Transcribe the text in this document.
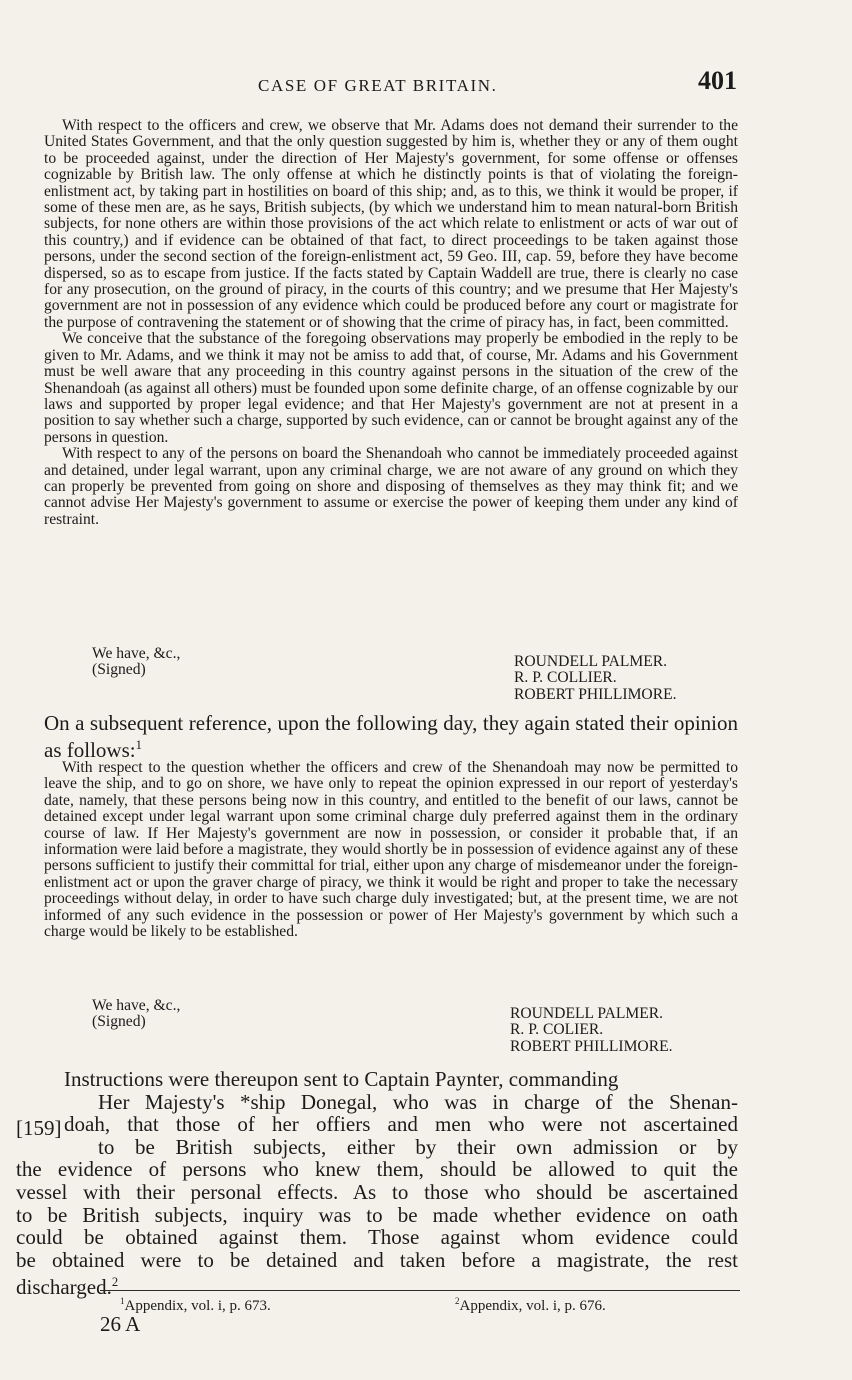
CASE OF GREAT BRITAIN.	401

With respect to the officers and crew, we observe that Mr. Adams does not demand their surrender to the United States Government, and that the only question suggested by him is, whether they or any of them ought to be proceeded against, under the direction of Her Majesty's government, for some offense or offenses cognizable by British law. The only offense at which he distinctly points is that of violating the foreign-enlistment act, by taking part in hostilities on board of this ship; and, as to this, we think it would be proper, if some of these men are, as he says, British subjects, (by which we understand him to mean natural-born British subjects, for none others are within those provisions of the act which relate to enlistment or acts of war out of this country,) and if evidence can be obtained of that fact, to direct proceedings to be taken against those persons, under the second section of the foreign-enlistment act, 59 Geo. III, cap. 59, before they have become dispersed, so as to escape from justice. If the facts stated by Captain Waddell are true, there is clearly no case for any prosecution, on the ground of piracy, in the courts of this country; and we presume that Her Majesty's government are not in possession of any evidence which could be produced before any court or magistrate for the purpose of contravening the statement or of showing that the crime of piracy has, in fact, been committed.

We conceive that the substance of the foregoing observations may properly be embodied in the reply to be given to Mr. Adams, and we think it may not be amiss to add that, of course, Mr. Adams and his Government must be well aware that any proceeding in this country against persons in the situation of the crew of the Shenandoah (as against all others) must be founded upon some definite charge, of an offense cognizable by our laws and supported by proper legal evidence; and that Her Majesty's government are not at present in a position to say whether such a charge, supported by such evidence, can or cannot be brought against any of the persons in question.

With respect to any of the persons on board the Shenandoah who cannot be immediately proceeded against and detained, under legal warrant, upon any criminal charge, we are not aware of any ground on which they can properly be prevented from going on shore and disposing of themselves as they may think fit; and we cannot advise Her Majesty's government to assume or exercise the power of keeping them under any kind of restraint.

We have, &c.,
(Signed)	ROUNDELL PALMER.
R. P. COLLIER.
ROBERT PHILLIMORE.
On a subsequent reference, upon the following day, they again stated their opinion as follows:$^1$

With respect to the question whether the officers and crew of the Shenandoah may now be permitted to leave the ship, and to go on shore, we have only to repeat the opinion expressed in our report of yesterday's date, namely, that these persons being now in this country, and entitled to the benefit of our laws, cannot be detained except under legal warrant upon some criminal charge duly preferred against them in the ordinary course of law. If Her Majesty's government are now in possession, or consider it probable that, if an information were laid before a magistrate, they would shortly be in possession of evidence against any of these persons sufficient to justify their committal for trial, either upon any charge of misdemeanor under the foreign-enlistment act or upon the graver charge of piracy, we think it would be right and proper to take the necessary proceedings without delay, in order to have such charge duly investigated; but, at the present time, we are not informed of any such evidence in the possession or power of Her Majesty's government by which such a charge would be likely to be established.

We have, &c.,
(Signed)	ROUNDELL PALMER.
R. P. COLIER.
ROBERT PHILLIMORE.
Instructions were thereupon sent to Captain Paynter, commanding
Her Majesty's *ship Donegal, who was in charge of the Shenan-
doah, that those of her offiers and men who were not ascertained
to be British subjects, either by their own admission or by
the evidence of persons who knew them, should be allowed to quit the
vessel with their personal effects. As to those who should be ascertained
to be British subjects, inquiry was to be made whether evidence on oath
could be obtained against them. Those against whom evidence could
be obtained were to be detained and taken before a magistrate, the rest
discharged.$^2$
[159]
$^1$Appendix, vol. i, p. 673.	$^2$Appendix, vol. i, p. 676.
26 A
